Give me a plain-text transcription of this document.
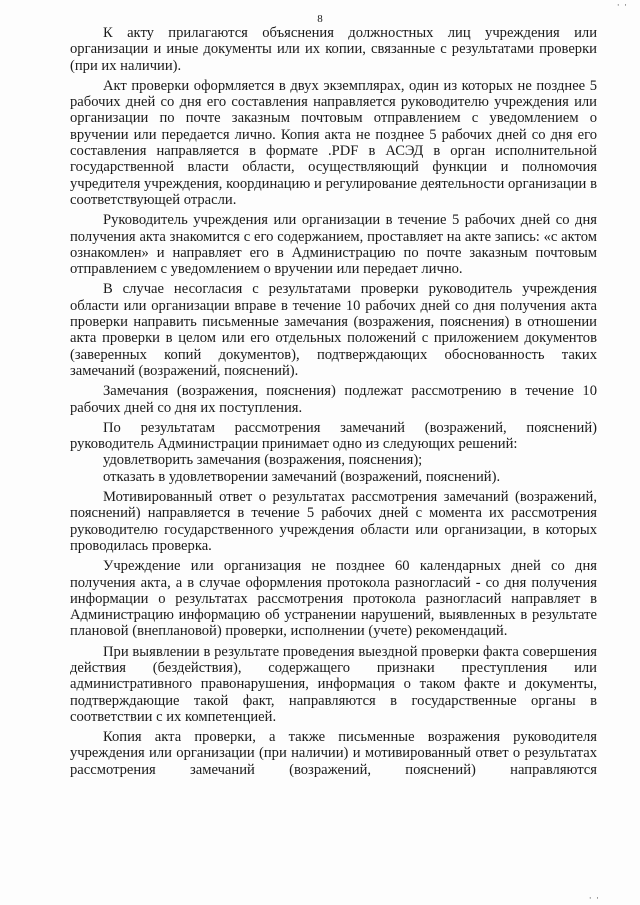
· ·
8

К акту прилагаются объяснения должностных лиц учреждения или организации и иные документы или их копии, связанные с результатами проверки (при их наличии).

Акт проверки оформляется в двух экземплярах, один из которых не позднее 5 рабочих дней со дня его составления направляется руководителю учреждения или организации по почте заказным почтовым отправлением с уведомлением о вручении или передается лично. Копия акта не позднее 5 рабочих дней со дня его составления направляется в формате .PDF в АСЭД в орган исполнительной государственной власти области, осуществляющий функции и полномочия учредителя учреждения, координацию и регулирование деятельности организации в соответствующей отрасли.

Руководитель учреждения или организации в течение 5 рабочих дней со дня получения акта знакомится с его содержанием, проставляет на акте запись: «с актом ознакомлен» и направляет его в Администрацию по почте заказным почтовым отправлением с уведомлением о вручении или передает лично.

В случае несогласия с результатами проверки руководитель учреждения области или организации вправе в течение 10 рабочих дней со дня получения акта проверки направить письменные замечания (возражения, пояснения) в отношении акта проверки в целом или его отдельных положений с приложением документов (заверенных копий документов), подтверждающих обоснованность таких замечаний (возражений, пояснений).

Замечания (возражения, пояснения) подлежат рассмотрению в течение 10 рабочих дней со дня их поступления.

По результатам рассмотрения замечаний (возражений, пояснений) руководитель Администрации принимает одно из следующих решений:

удовлетворить замечания (возражения, пояснения);

отказать в удовлетворении замечаний (возражений, пояснений).

Мотивированный ответ о результатах рассмотрения замечаний (возражений, пояснений) направляется в течение 5 рабочих дней с момента их рассмотрения руководителю государственного учреждения области или организации, в которых проводилась проверка.

Учреждение или организация не позднее 60 календарных дней со дня получения акта, а в случае оформления протокола разногласий - со дня получения информации о результатах рассмотрения протокола разногласий направляет в Администрацию информацию об устранении нарушений, выявленных в результате плановой (внеплановой) проверки, исполнении (учете) рекомендаций.

При выявлении в результате проведения выездной проверки факта совершения действия (бездействия), содержащего признаки преступления или административного правонарушения, информация о таком факте и документы, подтверждающие такой факт, направляются в государственные органы в соответствии с их компетенцией.

Копия акта проверки, а также письменные возражения руководителя учреждения или организации (при наличии) и мотивированный ответ о результатах рассмотрения замечаний (возражений, пояснений) направляются

· ·
